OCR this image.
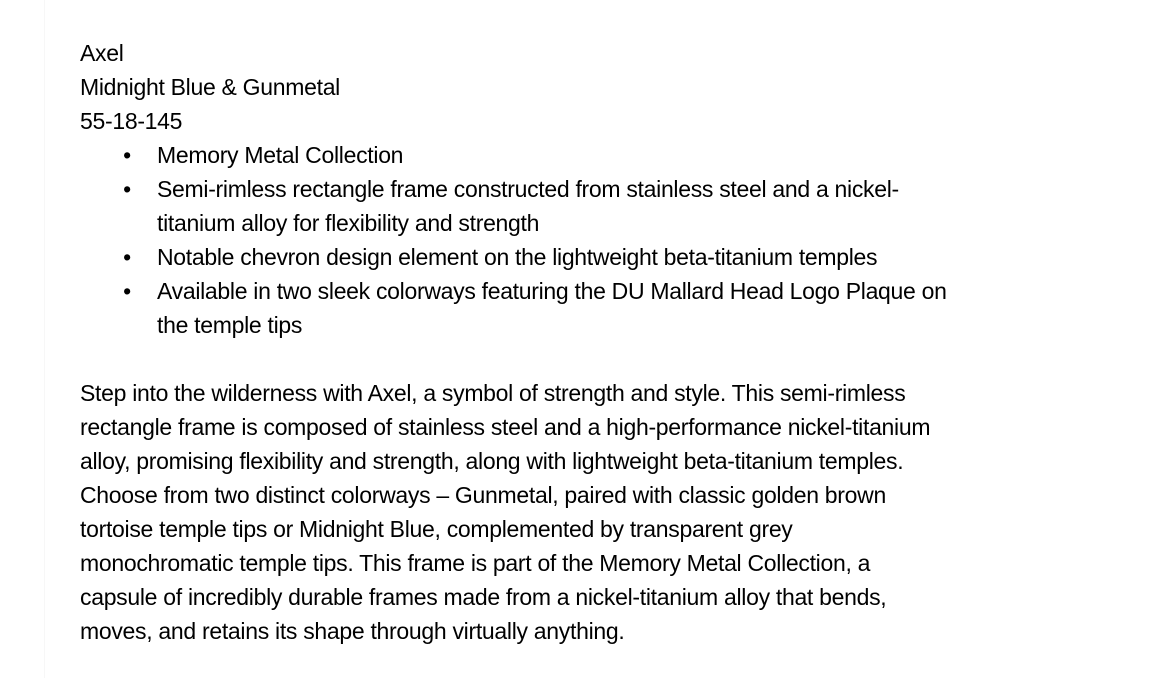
Axel
Midnight Blue & Gunmetal
55-18-145
• Memory Metal Collection
• Semi-rimless rectangle frame constructed from stainless steel and a nickel-
titanium alloy for flexibility and strength
• Notable chevron design element on the lightweight beta-titanium temples
• Available in two sleek colorways featuring the DU Mallard Head Logo Plaque on
the temple tips
Step into the wilderness with Axel, a symbol of strength and style. This semi-rimless
rectangle frame is composed of stainless steel and a high-performance nickel-titanium
alloy, promising flexibility and strength, along with lightweight beta-titanium temples.
Choose from two distinct colorways – Gunmetal, paired with classic golden brown
tortoise temple tips or Midnight Blue, complemented by transparent grey
monochromatic temple tips. This frame is part of the Memory Metal Collection, a
capsule of incredibly durable frames made from a nickel-titanium alloy that bends,
moves, and retains its shape through virtually anything.
